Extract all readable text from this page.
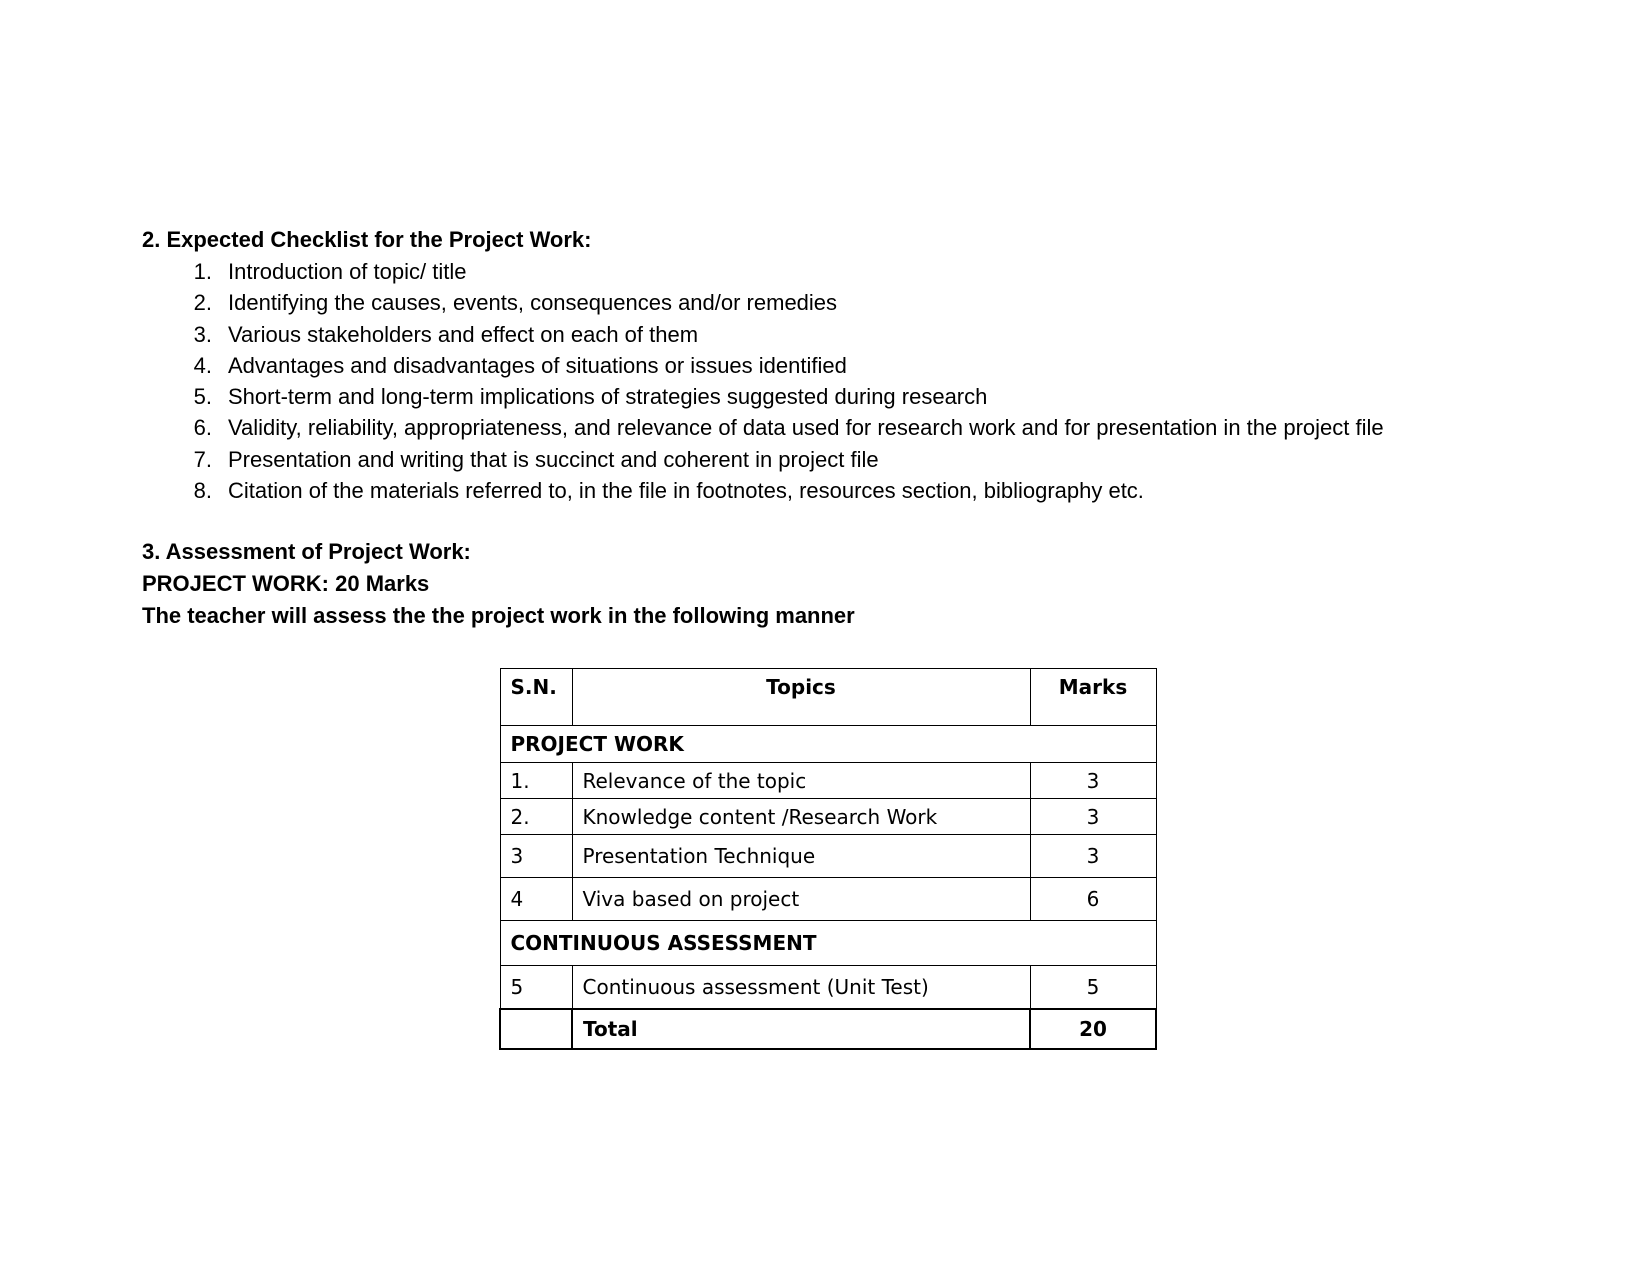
2. Expected Checklist for the Project Work:
1. Introduction of topic/ title
2. Identifying the causes, events, consequences and/or remedies
3. Various stakeholders and effect on each of them
4. Advantages and disadvantages of situations or issues identified
5. Short-term and long-term implications of strategies suggested during research
6. Validity, reliability, appropriateness, and relevance of data used for research work and for presentation in the project file
7. Presentation and writing that is succinct and coherent in project file
8. Citation of the materials referred to, in the file in footnotes, resources section, bibliography etc.
3. Assessment of Project Work:
PROJECT WORK: 20 Marks
The teacher will assess the the project work in the following manner
S.N.	Topics	Marks
PROJECT WORK		
1.	Relevance of the topic	3
2.	Knowledge content /Research Work	3
3	Presentation Technique	3
4	Viva based on project	6
CONTINUOUS ASSESSMENT		
5	Continuous assessment (Unit Test)	5
	Total	20
